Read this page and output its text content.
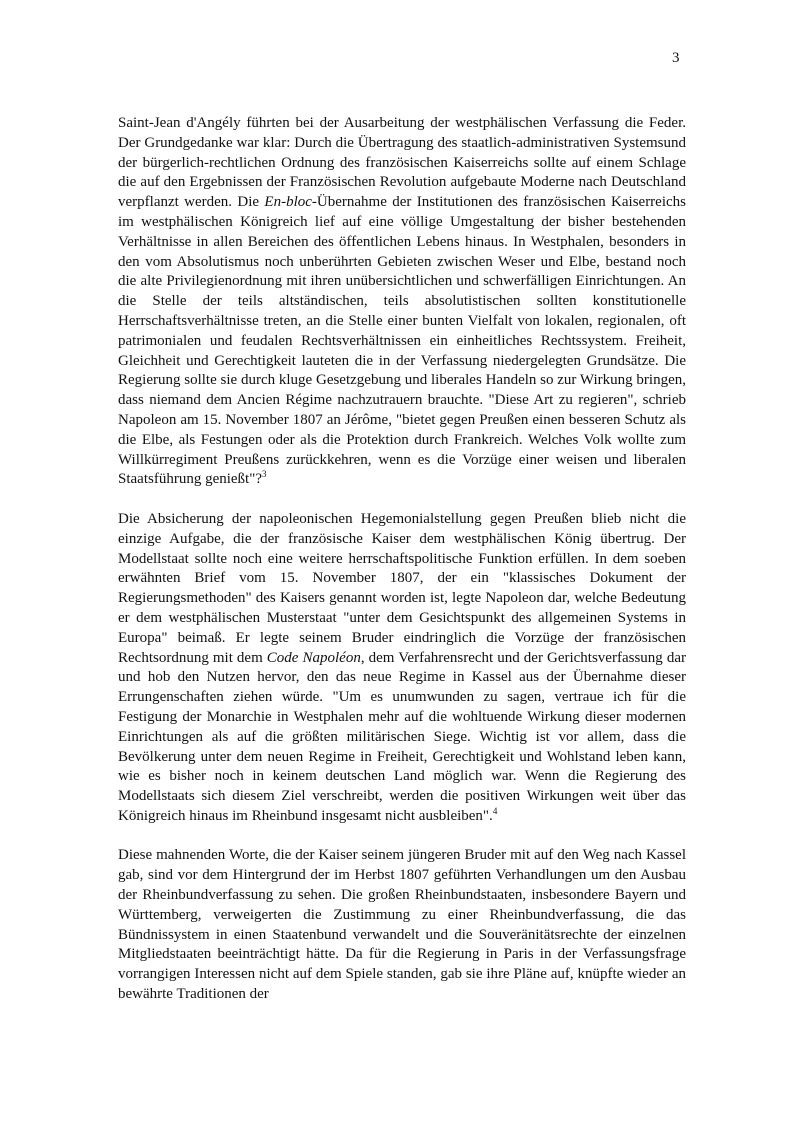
3

Saint-Jean d'Angély führten bei der Ausarbeitung der westphälischen Verfassung die Feder. Der Grundgedanke war klar: Durch die Übertragung des staatlich-administrativen Systemsund der bürgerlich-rechtlichen Ordnung des französischen Kaiserreichs sollte auf einem Schlage die auf den Ergebnissen der Französischen Revolution aufgebaute Moderne nach Deutschland verpflanzt werden. Die En-bloc-Übernahme der Institutionen des französischen Kaiserreichs im westphälischen Königreich lief auf eine völlige Umgestaltung der bisher bestehenden Verhältnisse in allen Bereichen des öffentlichen Lebens hinaus. In Westphalen, besonders in den vom Absolutismus noch unberührten Gebieten zwischen Weser und Elbe, bestand noch die alte Privilegienordnung mit ihren unübersichtlichen und schwerfälligen Einrichtungen. An die Stelle der teils altständischen, teils absolutistischen sollten konstitutionelle Herrschaftsverhältnisse treten, an die Stelle einer bunten Vielfalt von lokalen, regionalen, oft patrimonialen und feudalen Rechtsverhältnissen ein einheitliches Rechtssystem. Freiheit, Gleichheit und Gerechtigkeit lauteten die in der Verfassung niedergelegten Grundsätze. Die Regierung sollte sie durch kluge Gesetzgebung und liberales Handeln so zur Wirkung bringen, dass niemand dem Ancien Régime nachzutrauern brauchte. "Diese Art zu regieren", schrieb Napoleon am 15. November 1807 an Jérôme, "bietet gegen Preußen einen besseren Schutz als die Elbe, als Festungen oder als die Protektion durch Frankreich. Welches Volk wollte zum Willkürregiment Preußens zurückkehren, wenn es die Vorzüge einer weisen und liberalen Staatsführung genießt"?$^3$

Die Absicherung der napoleonischen Hegemonialstellung gegen Preußen blieb nicht die einzige Aufgabe, die der französische Kaiser dem westphälischen König übertrug. Der Modellstaat sollte noch eine weitere herrschaftspolitische Funktion erfüllen. In dem soeben erwähnten Brief vom 15. November 1807, der ein "klassisches Dokument der Regierungsmethoden" des Kaisers genannt worden ist, legte Napoleon dar, welche Bedeutung er dem westphälischen Musterstaat "unter dem Gesichtspunkt des allgemeinen Systems in Europa" beimaß. Er legte seinem Bruder eindringlich die Vorzüge der französischen Rechtsordnung mit dem Code Napoléon, dem Verfahrensrecht und der Gerichtsverfassung dar und hob den Nutzen hervor, den das neue Regime in Kassel aus der Übernahme dieser Errungenschaften ziehen würde. "Um es unumwunden zu sagen, vertraue ich für die Festigung der Monarchie in Westphalen mehr auf die wohltuende Wirkung dieser modernen Einrichtungen als auf die größten militärischen Siege. Wichtig ist vor allem, dass die Bevölkerung unter dem neuen Regime in Freiheit, Gerechtigkeit und Wohlstand leben kann, wie es bisher noch in keinem deutschen Land möglich war. Wenn die Regierung des Modellstaats sich diesem Ziel verschreibt, werden die positiven Wirkungen weit über das Königreich hinaus im Rheinbund insgesamt nicht ausbleiben".$^4$

Diese mahnenden Worte, die der Kaiser seinem jüngeren Bruder mit auf den Weg nach Kassel gab, sind vor dem Hintergrund der im Herbst 1807 geführten Verhandlungen um den Ausbau der Rheinbundverfassung zu sehen. Die großen Rheinbundstaaten, insbesondere Bayern und Württemberg, verweigerten die Zustimmung zu einer Rheinbundverfassung, die das Bündnissystem in einen Staatenbund verwandelt und die Souveränitätsrechte der einzelnen Mitgliedstaaten beeinträchtigt hätte. Da für die Regierung in Paris in der Verfassungsfrage vorrangigen Interessen nicht auf dem Spiele standen, gab sie ihre Pläne auf, knüpfte wieder an bewährte Traditionen der
